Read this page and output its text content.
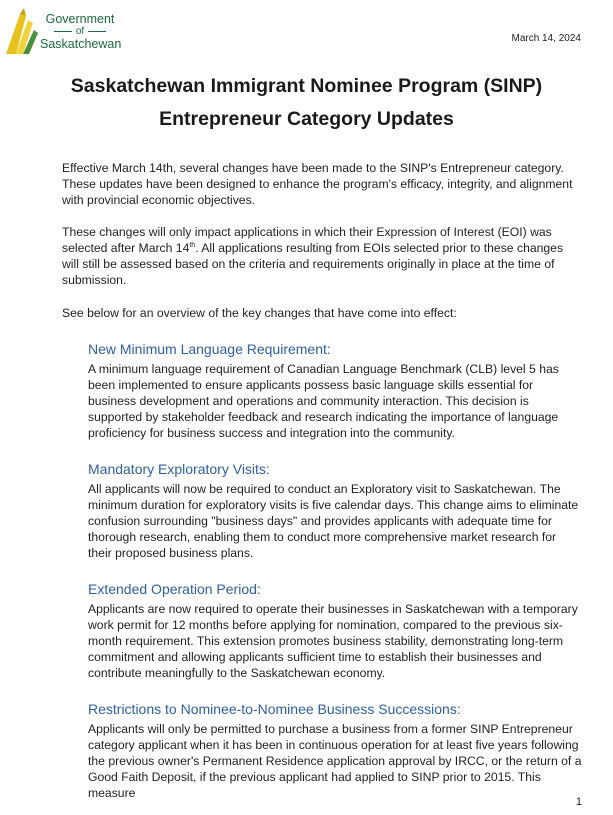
Government
of
Saskatchewan	March 14, 2024
Saskatchewan Immigrant Nominee Program (SINP)
Entrepreneur Category Updates
Effective March 14th, several changes have been made to the SINP's Entrepreneur category. These updates have been designed to enhance the program's efficacy, integrity, and alignment with provincial economic objectives.
These changes will only impact applications in which their Expression of Interest (EOI) was selected after March 14th. All applications resulting from EOIs selected prior to these changes will still be assessed based on the criteria and requirements originally in place at the time of submission.
See below for an overview of the key changes that have come into effect:
New Minimum Language Requirement:
A minimum language requirement of Canadian Language Benchmark (CLB) level 5 has been implemented to ensure applicants possess basic language skills essential for business development and operations and community interaction. This decision is supported by stakeholder feedback and research indicating the importance of language proficiency for business success and integration into the community.
Mandatory Exploratory Visits:
All applicants will now be required to conduct an Exploratory visit to Saskatchewan. The minimum duration for exploratory visits is five calendar days. This change aims to eliminate confusion surrounding "business days" and provides applicants with adequate time for thorough research, enabling them to conduct more comprehensive market research for their proposed business plans.
Extended Operation Period:
Applicants are now required to operate their businesses in Saskatchewan with a temporary work permit for 12 months before applying for nomination, compared to the previous six-month requirement. This extension promotes business stability, demonstrating long-term commitment and allowing applicants sufficient time to establish their businesses and contribute meaningfully to the Saskatchewan economy.
Restrictions to Nominee-to-Nominee Business Successions:
Applicants will only be permitted to purchase a business from a former SINP Entrepreneur category applicant when it has been in continuous operation for at least five years following the previous owner's Permanent Residence application approval by IRCC, or the return of a Good Faith Deposit, if the previous applicant had applied to SINP prior to 2015. This measure
1
